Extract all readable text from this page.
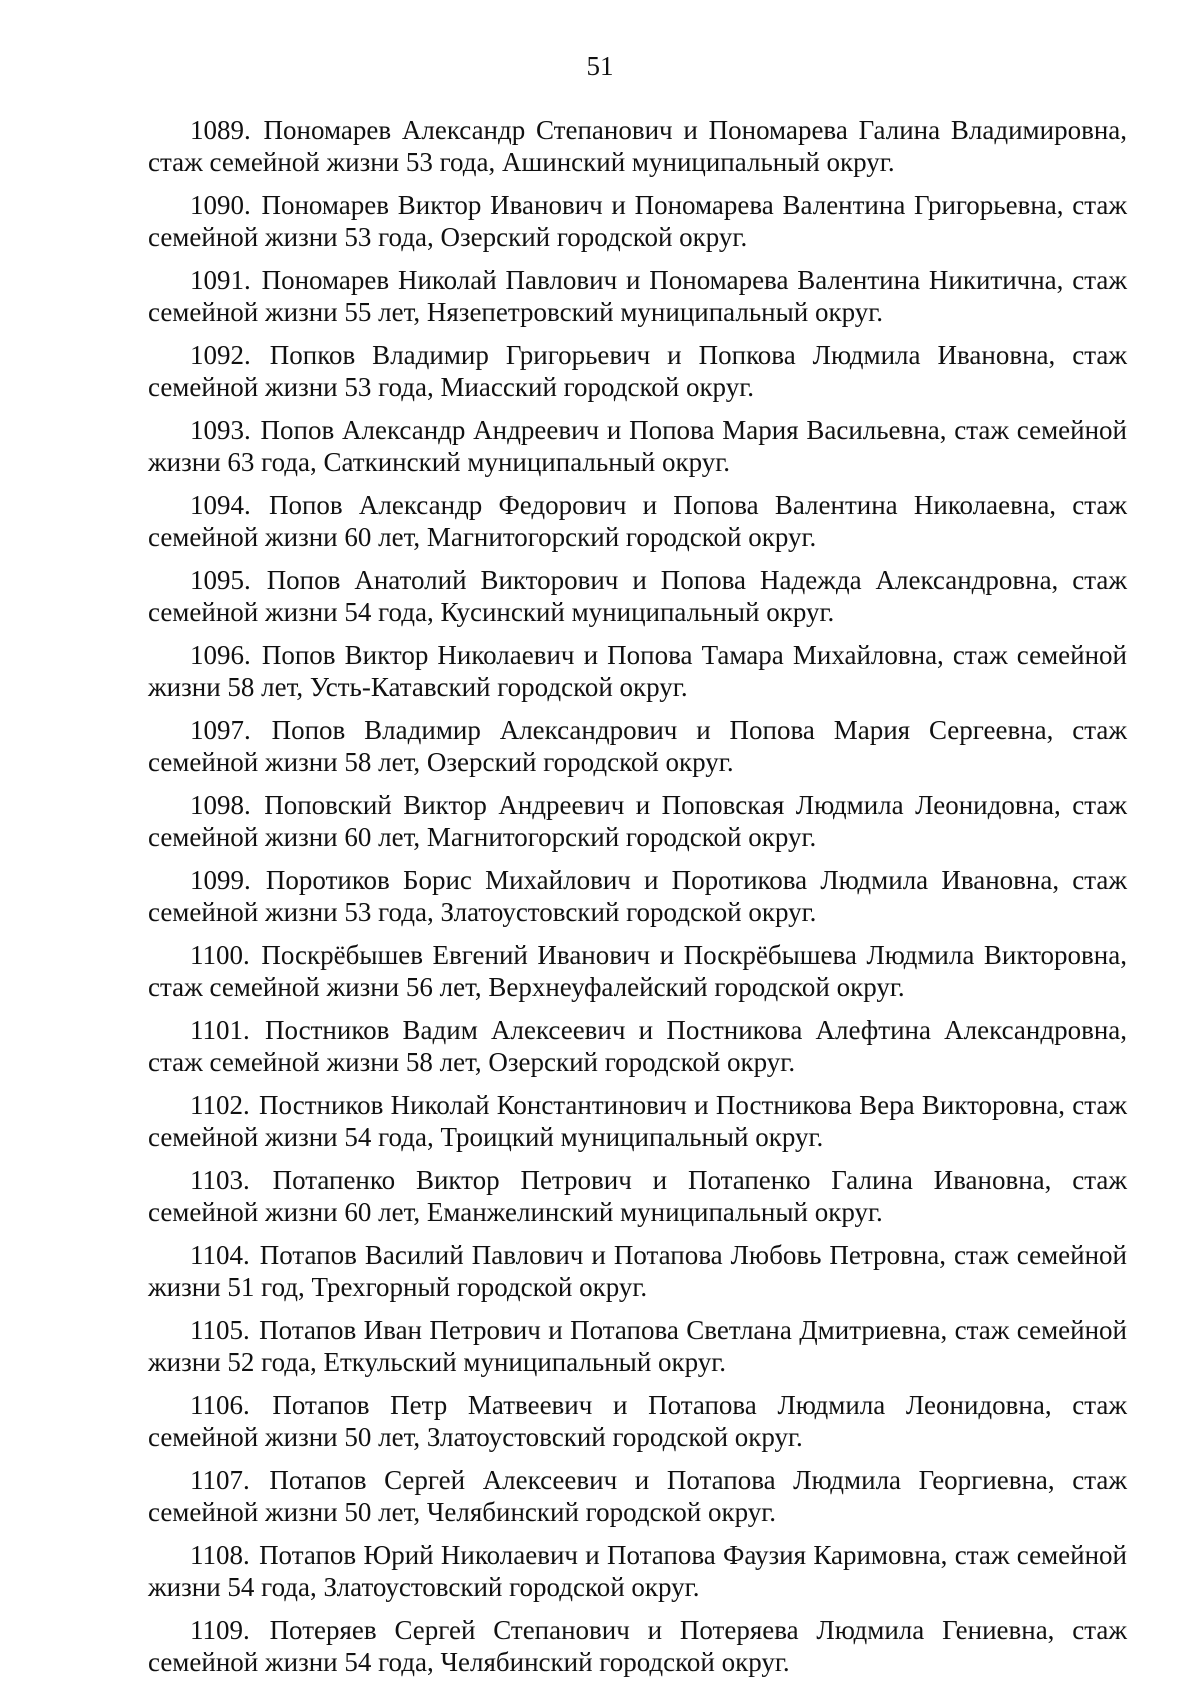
51

1089. Пономарев Александр Степанович и Пономарева Галина Владимировна, стаж семейной жизни 53 года, Ашинский муниципальный округ.

1090. Пономарев Виктор Иванович и Пономарева Валентина Григорьевна, стаж семейной жизни 53 года, Озерский городской округ.

1091. Пономарев Николай Павлович и Пономарева Валентина Никитична, стаж семейной жизни 55 лет, Нязепетровский муниципальный округ.

1092. Попков Владимир Григорьевич и Попкова Людмила Ивановна, стаж семейной жизни 53 года, Миасский городской округ.

1093. Попов Александр Андреевич и Попова Мария Васильевна, стаж семейной жизни 63 года, Саткинский муниципальный округ.

1094. Попов Александр Федорович и Попова Валентина Николаевна, стаж семейной жизни 60 лет, Магнитогорский городской округ.

1095. Попов Анатолий Викторович и Попова Надежда Александровна, стаж семейной жизни 54 года, Кусинский муниципальный округ.

1096. Попов Виктор Николаевич и Попова Тамара Михайловна, стаж семейной жизни 58 лет, Усть-Катавский городской округ.

1097. Попов Владимир Александрович и Попова Мария Сергеевна, стаж семейной жизни 58 лет, Озерский городской округ.

1098. Поповский Виктор Андреевич и Поповская Людмила Леонидовна, стаж семейной жизни 60 лет, Магнитогорский городской округ.

1099. Поротиков Борис Михайлович и Поротикова Людмила Ивановна, стаж семейной жизни 53 года, Златоустовский городской округ.

1100. Поскрёбышев Евгений Иванович и Поскрёбышева Людмила Викторовна, стаж семейной жизни 56 лет, Верхнеуфалейский городской округ.

1101. Постников Вадим Алексеевич и Постникова Алефтина Александровна, стаж семейной жизни 58 лет, Озерский городской округ.

1102. Постников Николай Константинович и Постникова Вера Викторовна, стаж семейной жизни 54 года, Троицкий муниципальный округ.

1103. Потапенко Виктор Петрович и Потапенко Галина Ивановна, стаж семейной жизни 60 лет, Еманжелинский муниципальный округ.

1104. Потапов Василий Павлович и Потапова Любовь Петровна, стаж семейной жизни 51 год, Трехгорный городской округ.

1105. Потапов Иван Петрович и Потапова Светлана Дмитриевна, стаж семейной жизни 52 года, Еткульский муниципальный округ.

1106. Потапов Петр Матвеевич и Потапова Людмила Леонидовна, стаж семейной жизни 50 лет, Златоустовский городской округ.

1107. Потапов Сергей Алексеевич и Потапова Людмила Георгиевна, стаж семейной жизни 50 лет, Челябинский городской округ.

1108. Потапов Юрий Николаевич и Потапова Фаузия Каримовна, стаж семейной жизни 54 года, Златоустовский городской округ.

1109. Потеряев Сергей Степанович и Потеряева Людмила Гениевна, стаж семейной жизни 54 года, Челябинский городской округ.
